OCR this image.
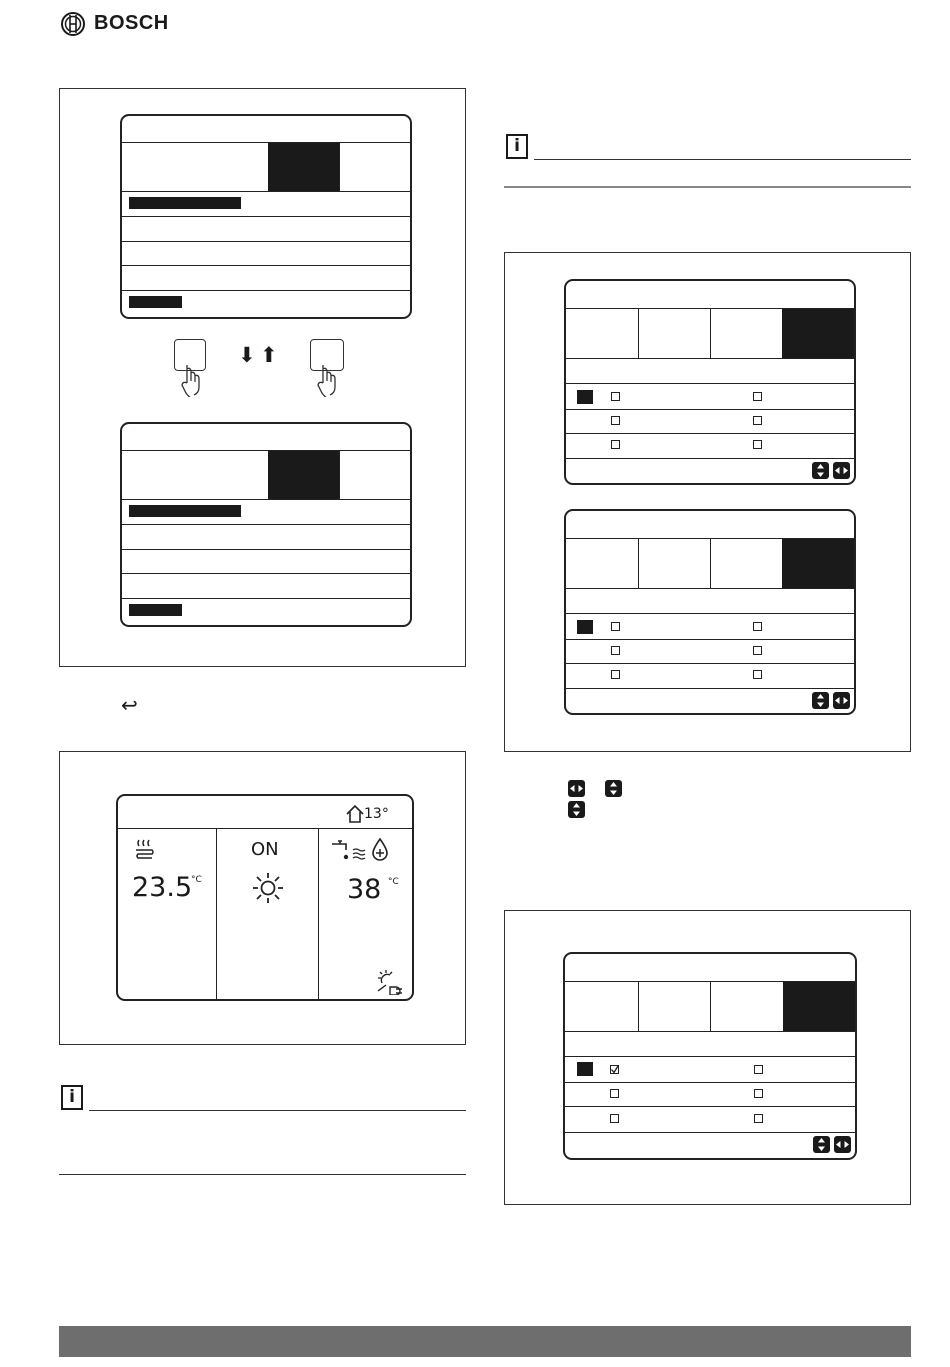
BOSCH
⬇ ⬆
↩
13°
23.5
°C
ON
38 °C
i
i
